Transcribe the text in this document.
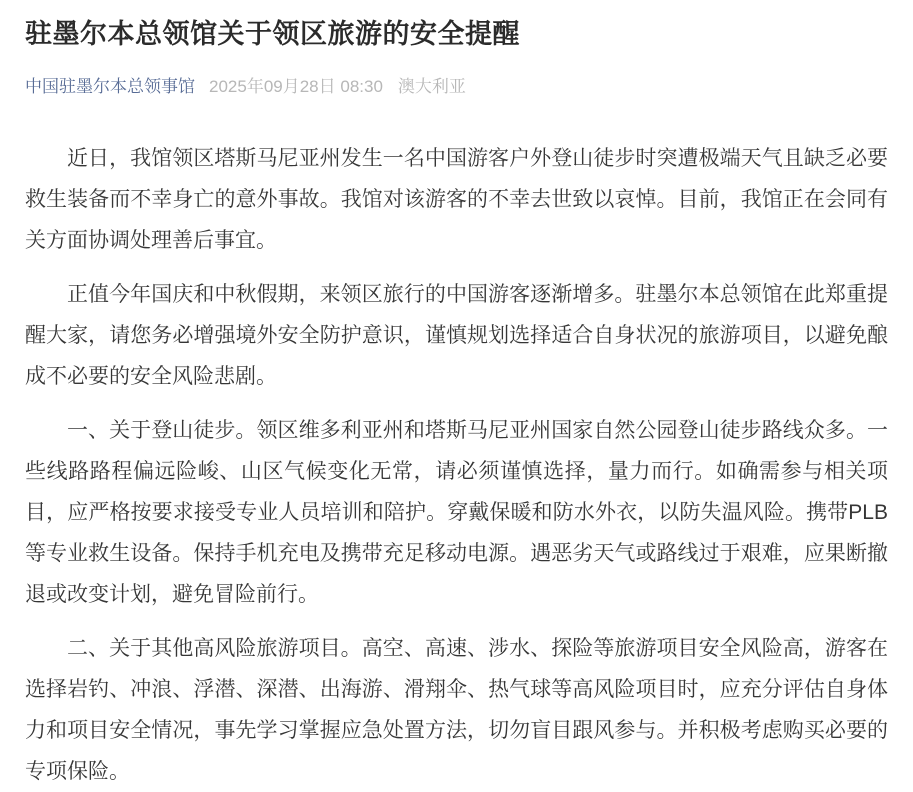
驻墨尔本总领馆关于领区旅游的安全提醒
中国驻墨尔本总领事馆 2025年09月28日 08:30 澳大利亚

近日，我馆领区塔斯马尼亚州发生一名中国游客户外登山徒步时突遭极端天气且缺乏必要救生装备而不幸身亡的意外事故。我馆对该游客的不幸去世致以哀悼。目前，我馆正在会同有关方面协调处理善后事宜。

正值今年国庆和中秋假期，来领区旅行的中国游客逐渐增多。驻墨尔本总领馆在此郑重提醒大家，请您务必增强境外安全防护意识，谨慎规划选择适合自身状况的旅游项目，以避免酿成不必要的安全风险悲剧。

一、关于登山徒步。领区维多利亚州和塔斯马尼亚州国家自然公园登山徒步路线众多。一些线路路程偏远险峻、山区气候变化无常，请必须谨慎选择，量力而行。如确需参与相关项目，应严格按要求接受专业人员培训和陪护。穿戴保暖和防水外衣，以防失温风险。携带PLB等专业救生设备。保持手机充电及携带充足移动电源。遇恶劣天气或路线过于艰难，应果断撤退或改变计划，避免冒险前行。

二、关于其他高风险旅游项目。高空、高速、涉水、探险等旅游项目安全风险高，游客在选择岩钓、冲浪、浮潜、深潜、出海游、滑翔伞、热气球等高风险项目时，应充分评估自身体力和项目安全情况，事先学习掌握应急处置方法，切勿盲目跟风参与。并积极考虑购买必要的专项保险。
